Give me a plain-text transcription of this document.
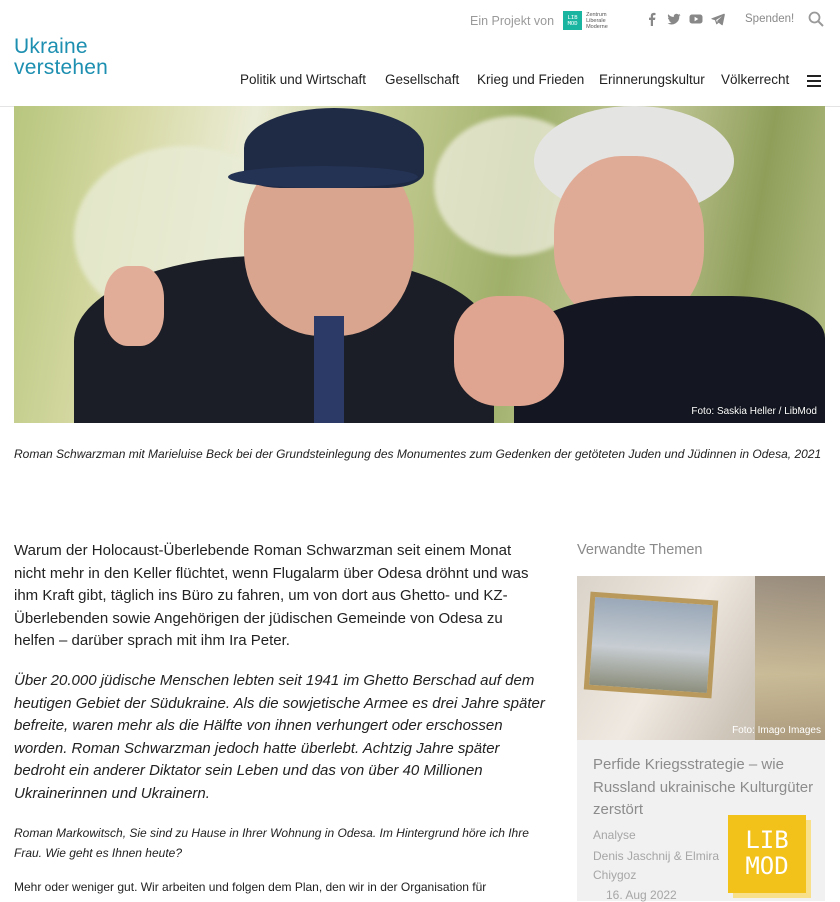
Ukraine
verstehen
Ein Projekt von	LIB
MOD
Zentrum
Liberale
Moderne
Spenden!
Politik und Wirtschaft Gesellschaft Krieg und Frieden Erinnerungskultur Völkerrecht
Foto: Saskia Heller / LibMod
Roman Schwarzman mit Marieluise Beck bei der Grundsteinlegung des Monumentes zum Gedenken der getöteten Juden und Jüdinnen in Odesa, 2021
Warum der Holocaust-Überlebende Roman Schwarzman seit einem Monat nicht mehr in den Keller flüchtet, wenn Flugalarm über Odesa dröhnt und was ihm Kraft gibt, täglich ins Büro zu fahren, um von dort aus Ghetto- und KZ-Überlebenden sowie Angehörigen der jüdischen Gemeinde von Odesa zu helfen – darüber sprach mit ihm Ira Peter.
Über 20.000 jüdische Menschen lebten seit 1941 im Ghetto Berschad auf dem heutigen Gebiet der Südukraine. Als die sowjetische Armee es drei Jahre später befreite, waren mehr als die Hälfte von ihnen verhungert oder erschossen worden. Roman Schwarzman jedoch hatte überlebt. Achtzig Jahre später bedroht ein anderer Diktator sein Leben und das von über 40 Millionen Ukrainerinnen und Ukrainern.
Roman Markowitsch, Sie sind zu Hause in Ihrer Wohnung in Odesa. Im Hintergrund höre ich Ihre Frau. Wie geht es Ihnen heute?
Mehr oder weniger gut. Wir arbeiten und folgen dem Plan, den wir in der Organisation für
Verwandte Themen
Foto: Imago Images
Perfide Kriegsstrategie – wie Russland ukrainische Kulturgüter zerstört
Analyse
Denis Jaschnij & Elmira
Chiygoz
16. Aug 2022
LIB
MOD
